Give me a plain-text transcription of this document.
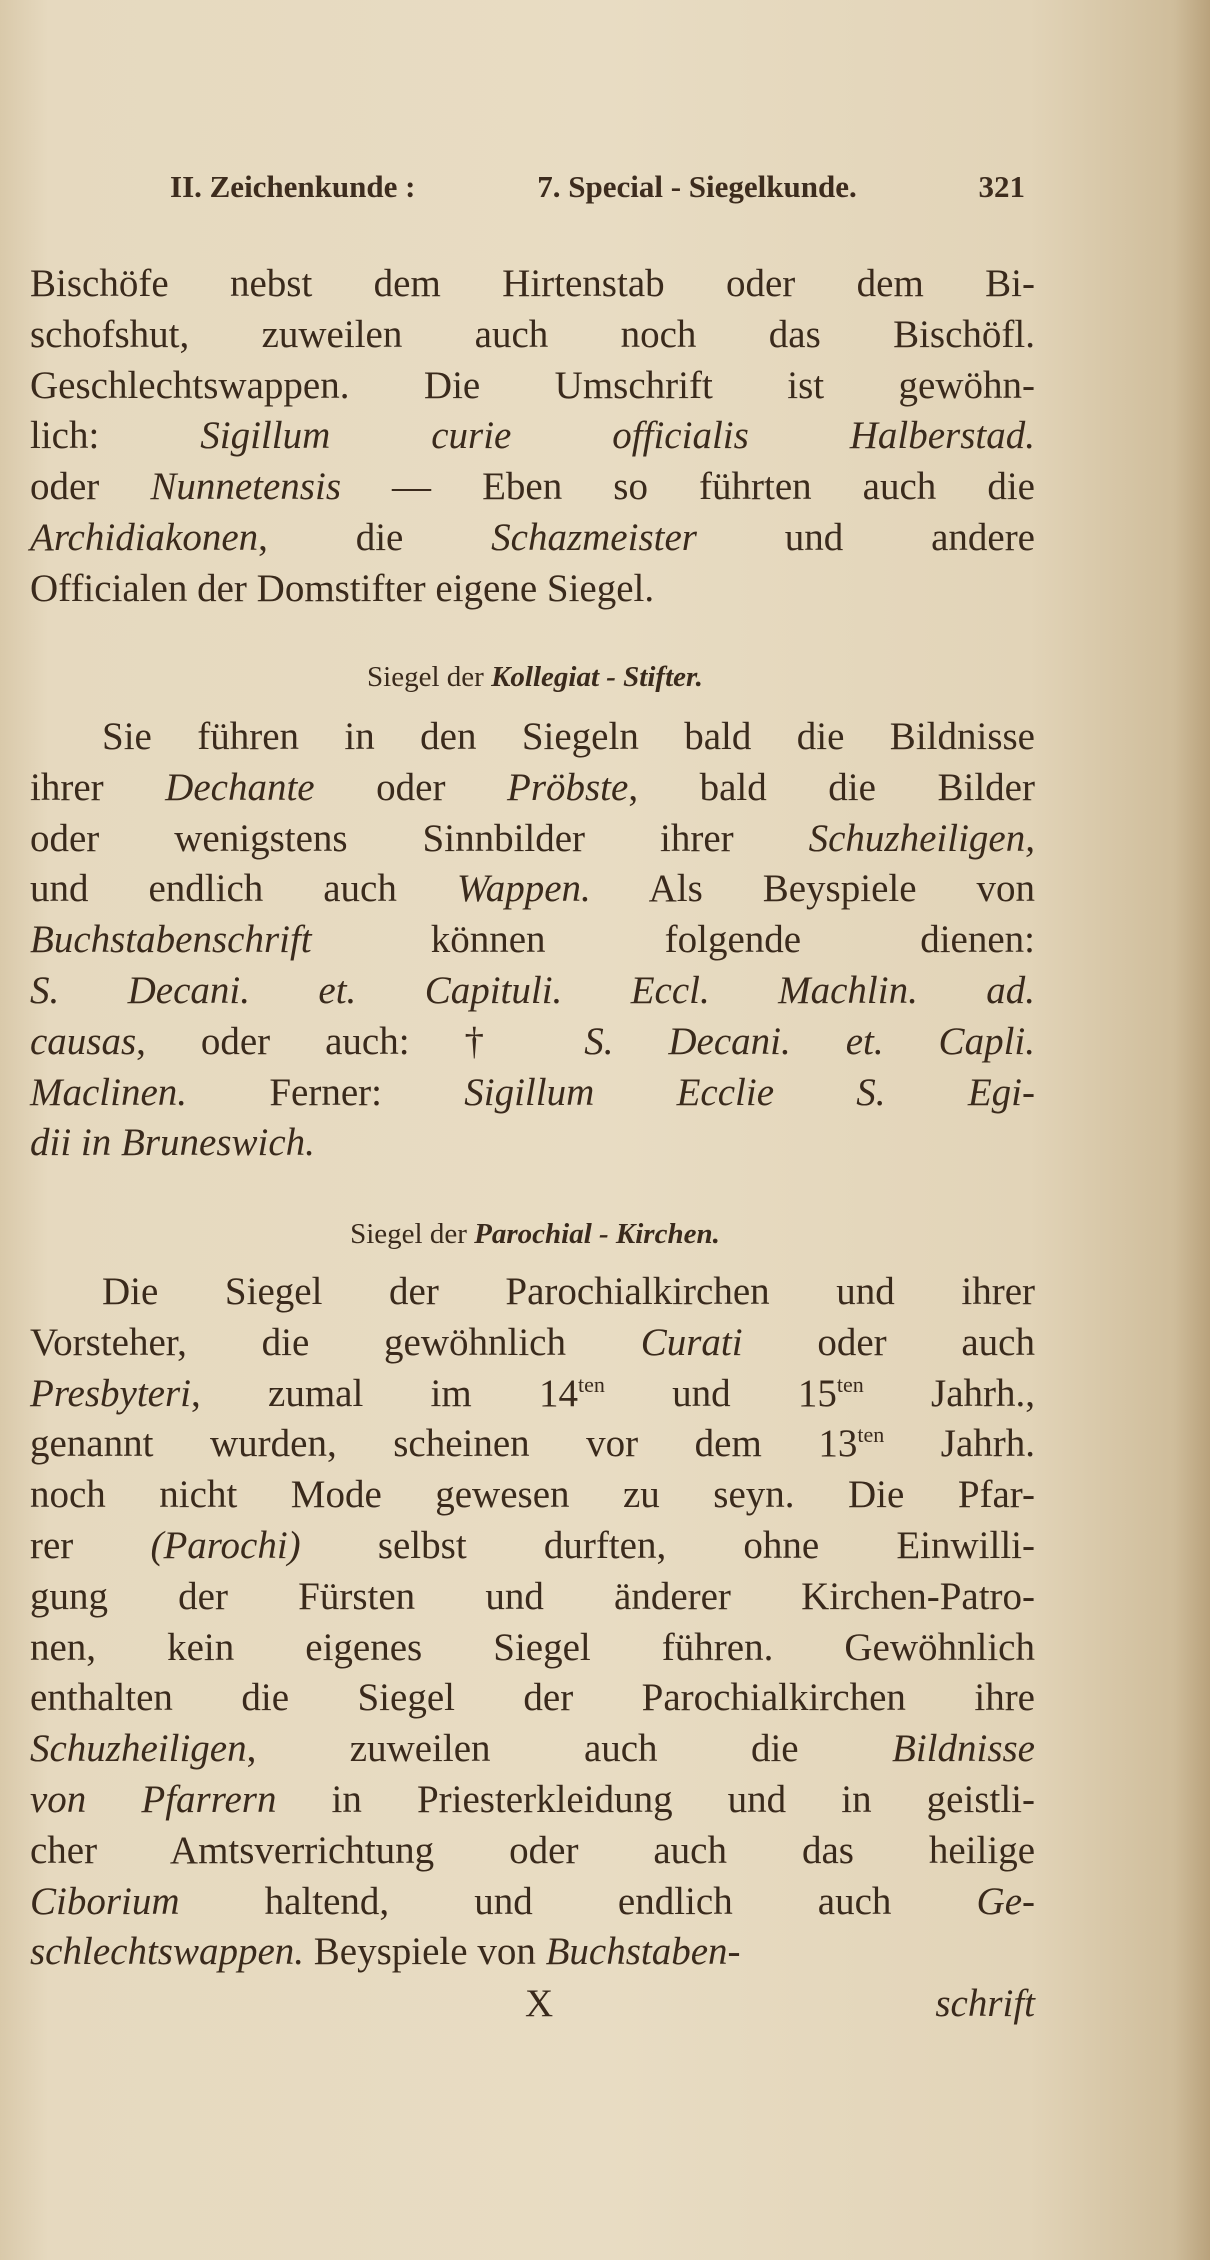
II. Zeichenkunde :	7. Special - Siegelkunde.	321
Bischöfe nebst dem Hirtenstab oder dem Bi-
schofshut, zuweilen auch noch das Bischöfl.
Geschlechtswappen. Die Umschrift ist gewöhn-
lich: Sigillum curie officialis Halberstad.
oder Nunnetensis — Eben so führten auch die
Archidiakonen, die Schazmeister und andere
Officialen der Domstifter eigene Siegel.
Siegel der Kollegiat - Stifter.
Sie führen in den Siegeln bald die Bildnisse
ihrer Dechante oder Pröbste, bald die Bilder
oder wenigstens Sinnbilder ihrer Schuzheiligen,
und endlich auch Wappen. Als Beyspiele von
Buchstabenschrift können folgende dienen:
S. Decani. et. Capituli. Eccl. Machlin. ad.
causas, oder auch: † S. Decani. et. Capli.
Maclinen. Ferner: Sigillum Ecclie S. Egi-
dii in Bruneswich.
Siegel der Parochial - Kirchen.
Die Siegel der Parochialkirchen und ihrer
Vorsteher, die gewöhnlich Curati oder auch
Presbyteri, zumal im $14^{ten}$ und $15^{ten}$ Jahrh.,
genannt wurden, scheinen vor dem $13^{ten}$ Jahrh.
noch nicht Mode gewesen zu seyn. Die Pfar-
rer (Parochi) selbst durften, ohne Einwilli-
gung der Fürsten und änderer Kirchen-Patro-
nen, kein eigenes Siegel führen. Gewöhnlich
enthalten die Siegel der Parochialkirchen ihre
Schuzheiligen, zuweilen auch die Bildnisse
von Pfarrern in Priesterkleidung und in geistli-
cher Amtsverrichtung oder auch das heilige
Ciborium haltend, und endlich auch Ge-
schlechtswappen. Beyspiele von Buchstaben-
X	schrift
